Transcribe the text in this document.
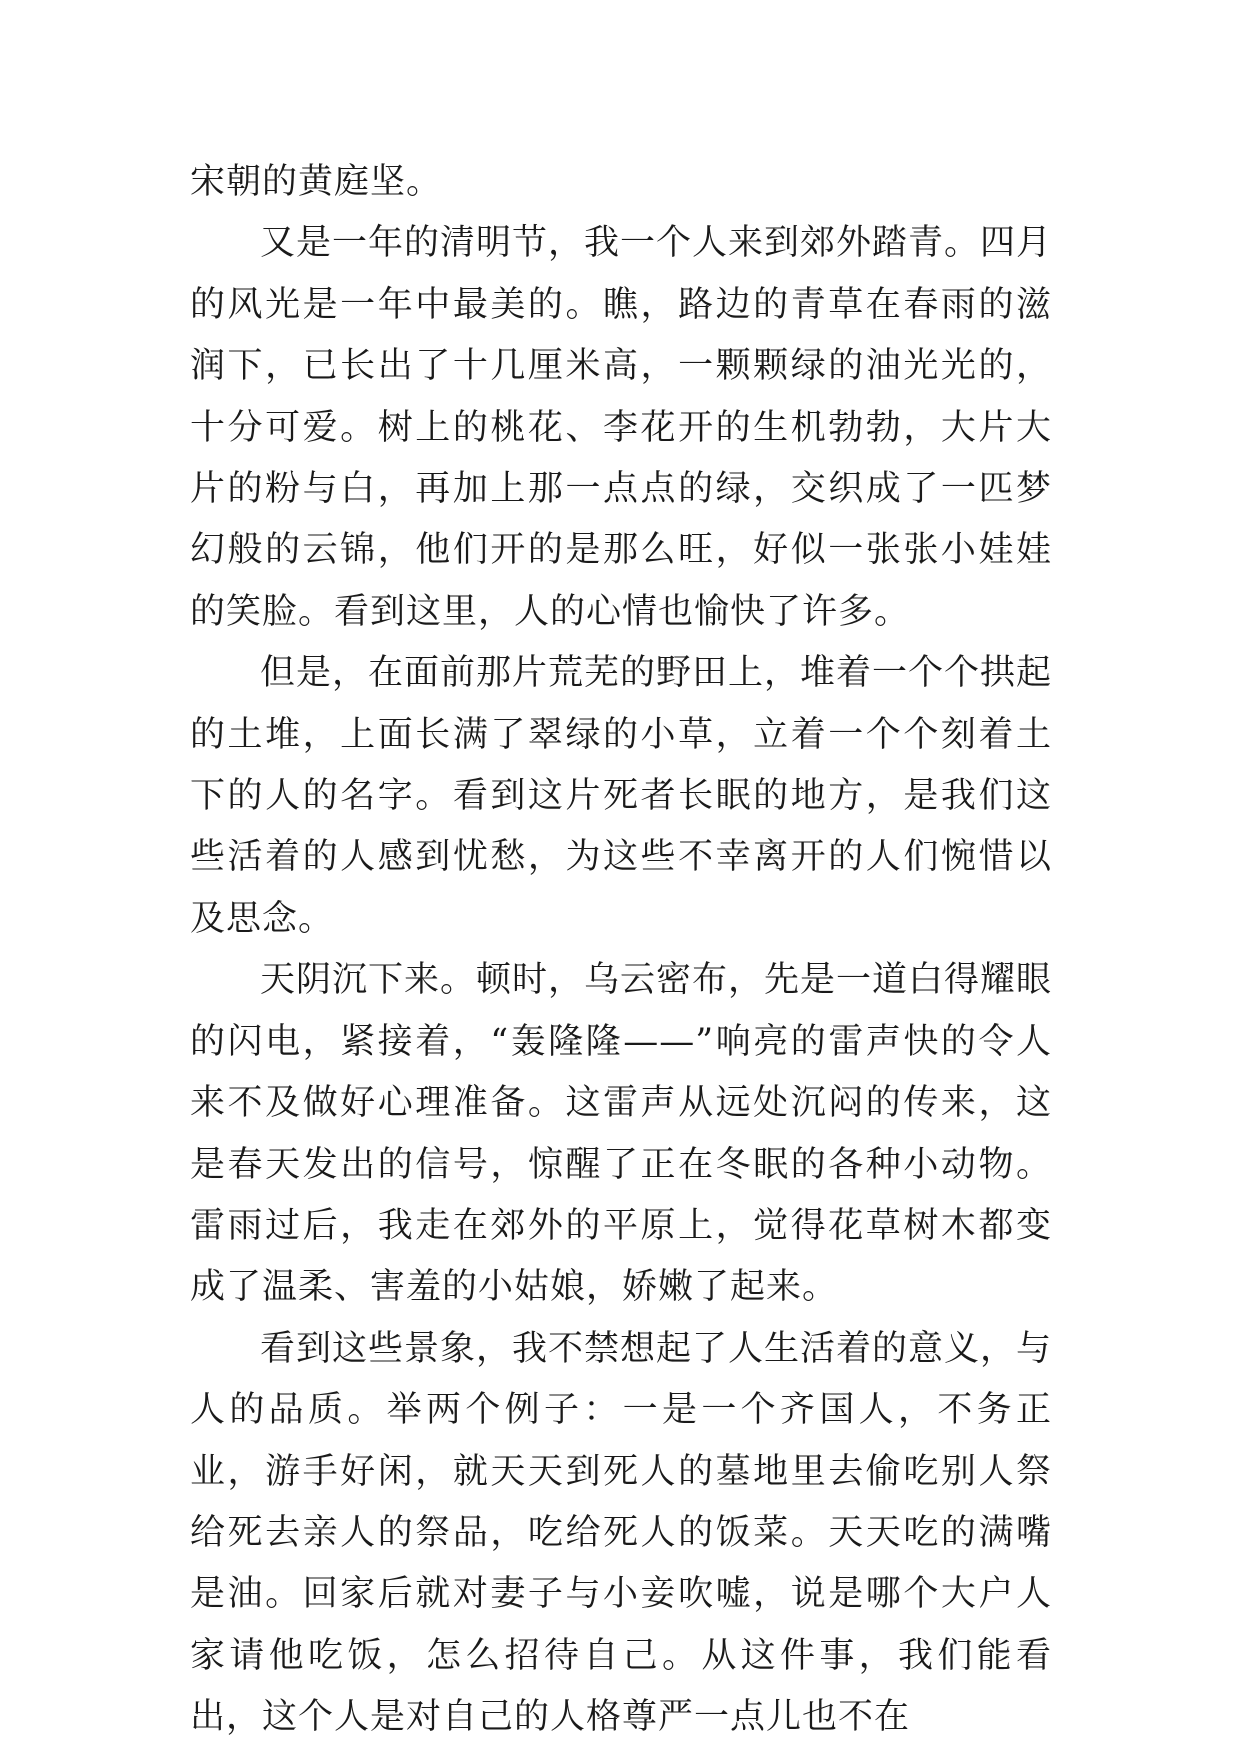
宋朝的黄庭坚。

又是一年的清明节，我一个人来到郊外踏青。四月的风光是一年中最美的。瞧，路边的青草在春雨的滋润下，已长出了十几厘米高，一颗颗绿的油光光的，十分可爱。树上的桃花、李花开的生机勃勃，大片大片的粉与白，再加上那一点点的绿，交织成了一匹梦幻般的云锦，他们开的是那么旺，好似一张张小娃娃的笑脸。看到这里，人的心情也愉快了许多。

但是，在面前那片荒芜的野田上，堆着一个个拱起的土堆，上面长满了翠绿的小草，立着一个个刻着土下的人的名字。看到这片死者长眠的地方，是我们这些活着的人感到忧愁，为这些不幸离开的人们惋惜以及思念。

天阴沉下来。顿时，乌云密布，先是一道白得耀眼的闪电，紧接着，“轰隆隆——”响亮的雷声快的令人来不及做好心理准备。这雷声从远处沉闷的传来，这是春天发出的信号，惊醒了正在冬眠的各种小动物。雷雨过后，我走在郊外的平原上，觉得花草树木都变成了温柔、害羞的小姑娘，娇嫩了起来。

看到这些景象，我不禁想起了人生活着的意义，与人的品质。举两个例子：一是一个齐国人，不务正业，游手好闲，就天天到死人的墓地里去偷吃别人祭给死去亲人的祭品，吃给死人的饭菜。天天吃的满嘴是油。回家后就对妻子与小妾吹嘘，说是哪个大户人家请他吃饭，怎么招待自己。从这件事，我们能看出，这个人是对自己的人格尊严一点儿也不在
